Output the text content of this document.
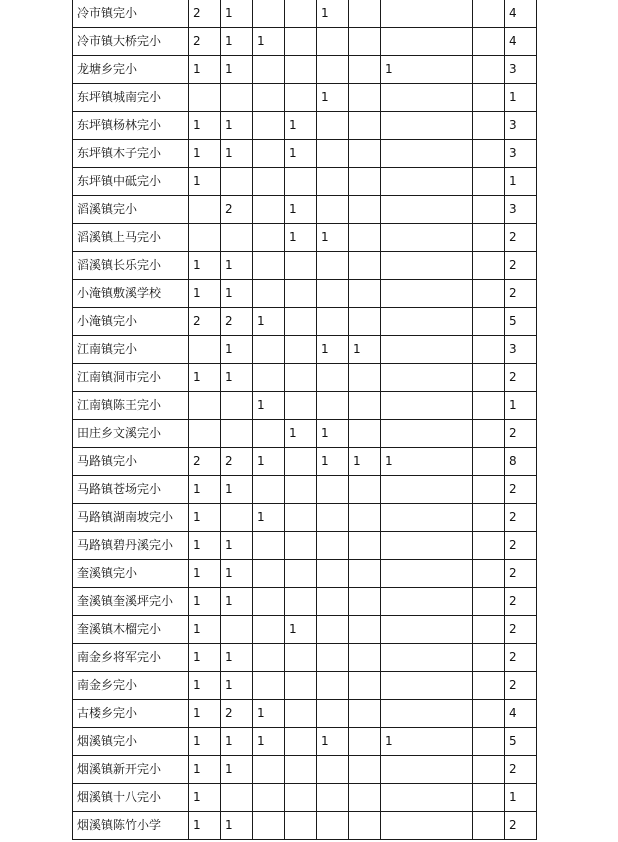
冷市镇完小	2	1			1				4
冷市镇大桥完小	2	1	1						4
龙塘乡完小	1	1					1		3
东坪镇城南完小					1				1
东坪镇杨林完小	1	1		1					3
东坪镇木子完小	1	1		1					3
东坪镇中砥完小	1								1
滔溪镇完小		2		1					3
滔溪镇上马完小				1	1				2
滔溪镇长乐完小	1	1							2
小淹镇敷溪学校	1	1							2
小淹镇完小	2	2	1						5
江南镇完小		1			1	1			3
江南镇洞市完小	1	1							2
江南镇陈王完小			1						1
田庄乡文溪完小				1	1				2
马路镇完小	2	2	1		1	1	1		8
马路镇苍场完小	1	1							2
马路镇湖南坡完小	1		1						2
马路镇碧丹溪完小	1	1							2
奎溪镇完小	1	1							2
奎溪镇奎溪坪完小	1	1							2
奎溪镇木榴完小	1			1					2
南金乡将军完小	1	1							2
南金乡完小	1	1							2
古楼乡完小	1	2	1						4
烟溪镇完小	1	1	1		1		1		5
烟溪镇新开完小	1	1							2
烟溪镇十八完小	1								1
烟溪镇陈竹小学	1	1							2
